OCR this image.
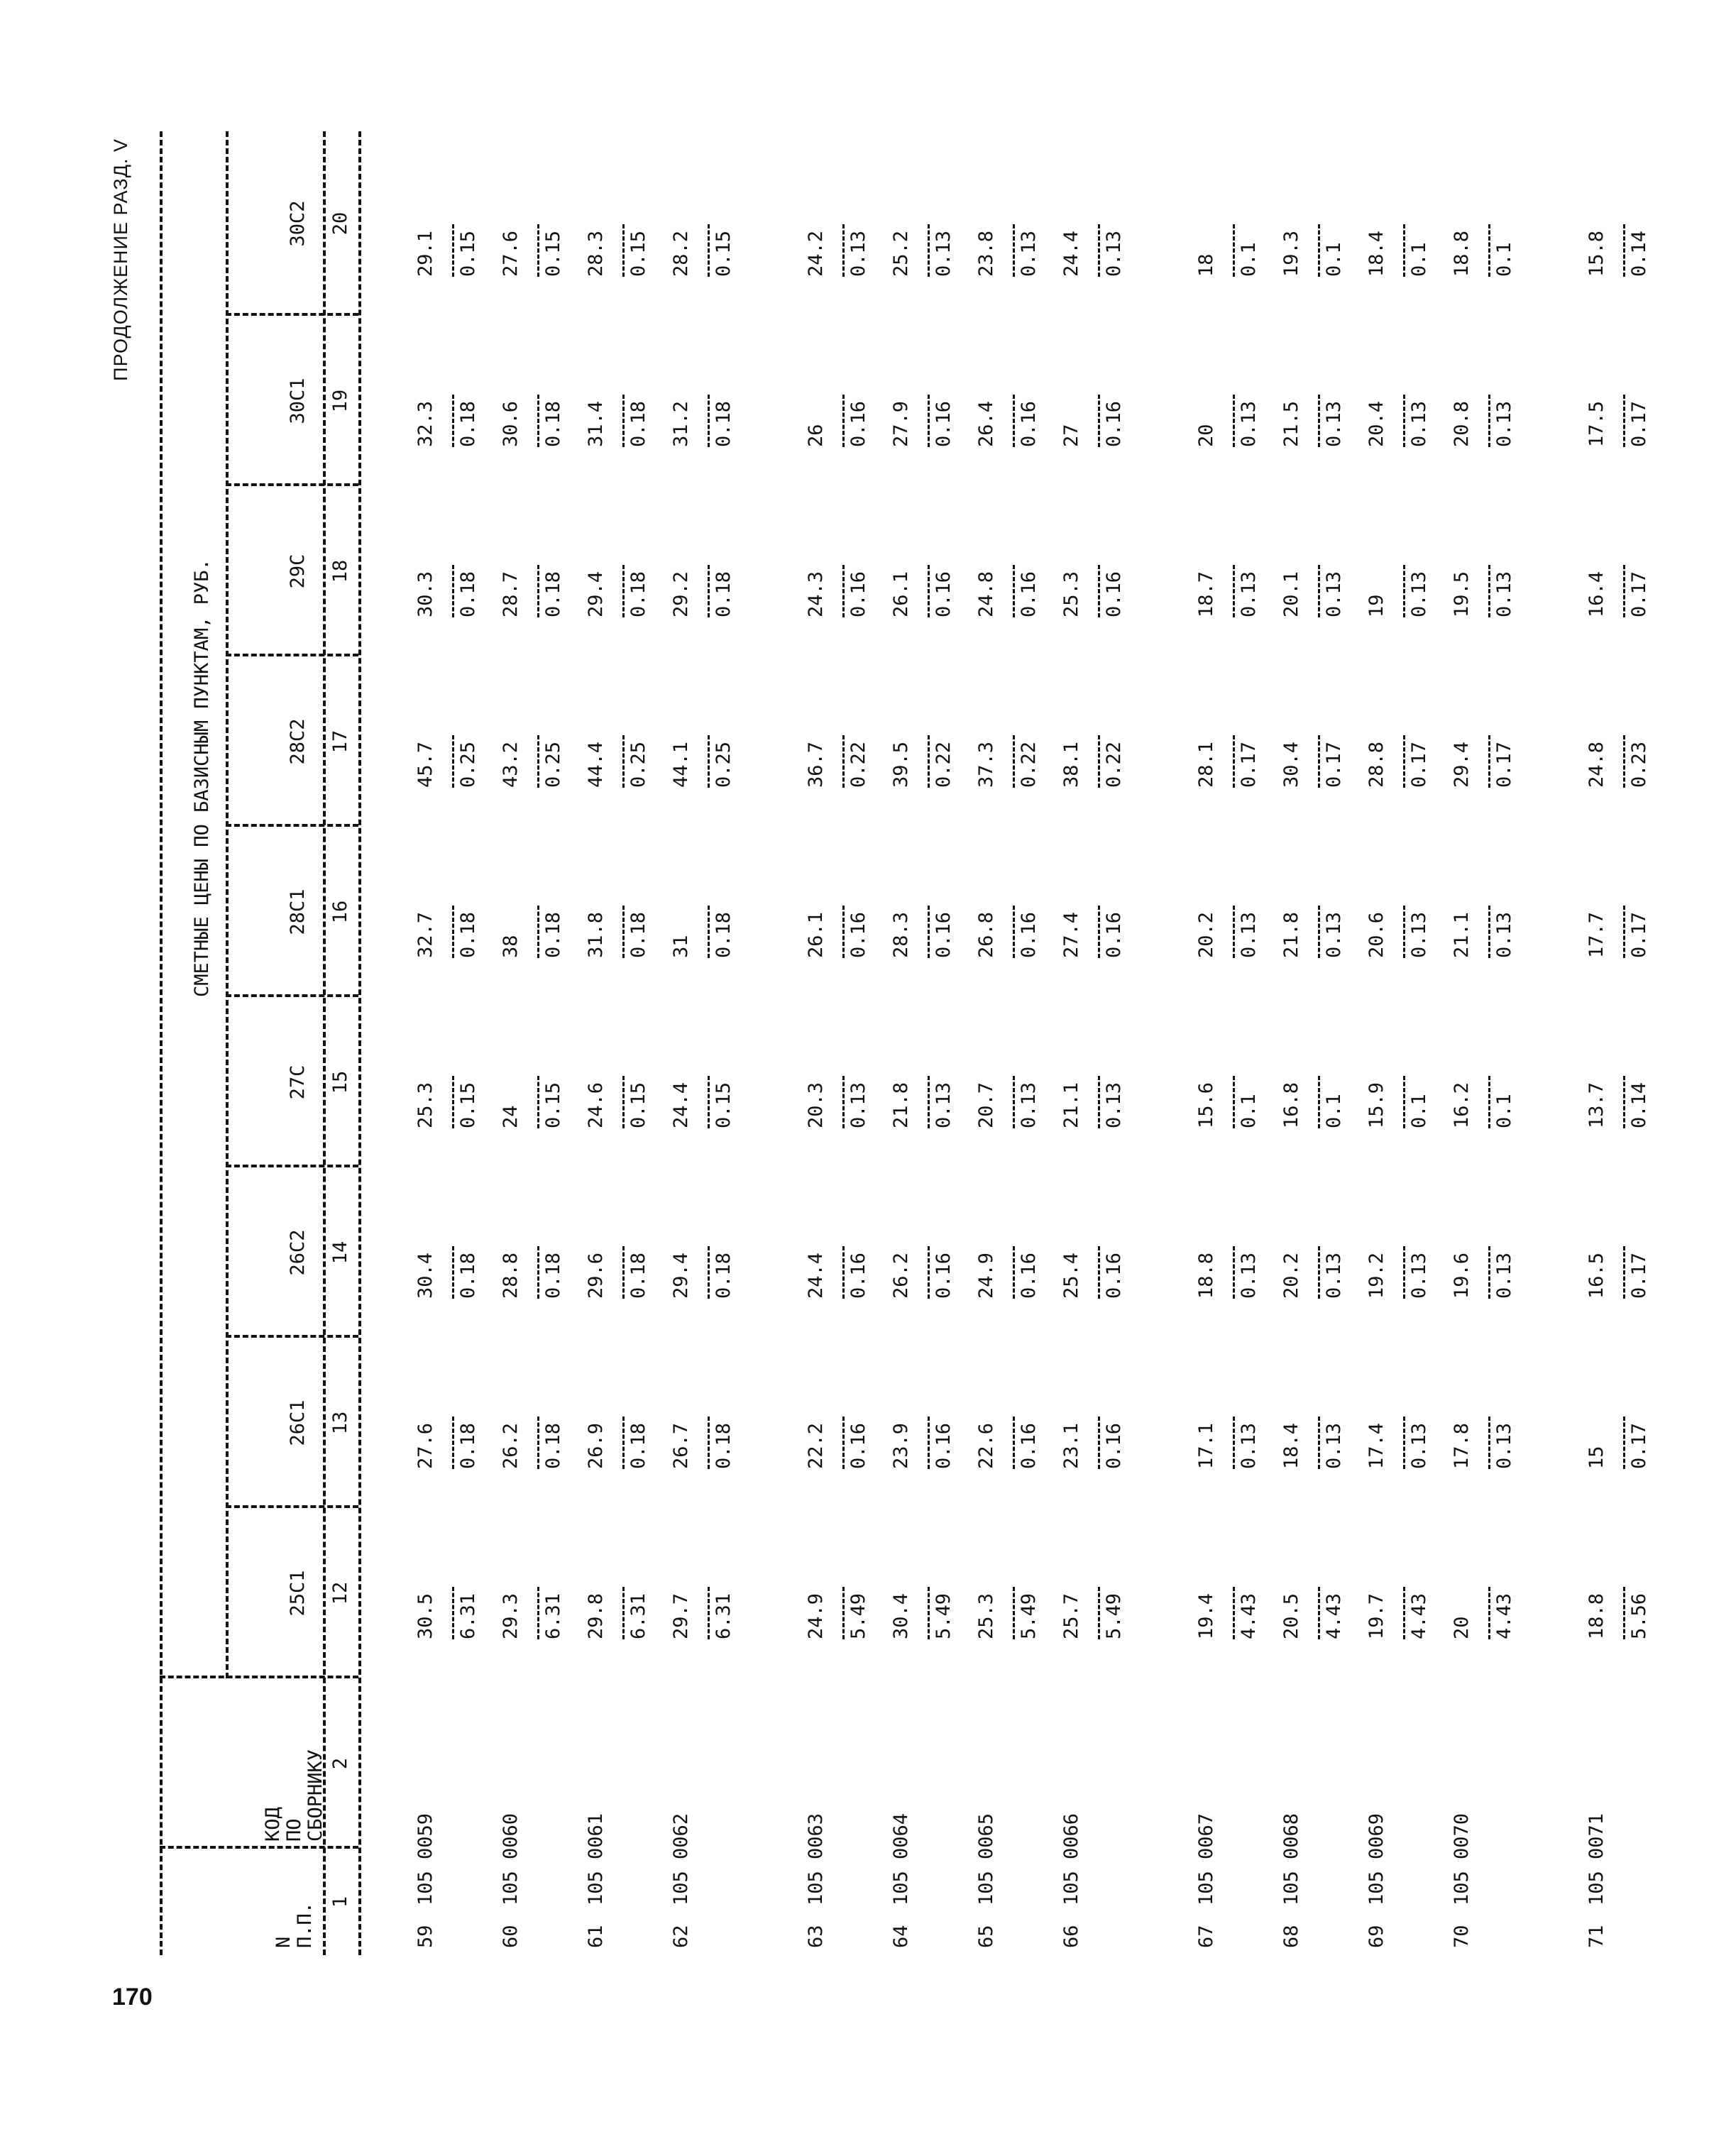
170
ПРОДОЛЖЕНИЕ РАЗД. V
N
П.П.
КОД
ПО
СБОРНИКУ
СМЕТНЫЕ ЦЕНЫ ПО БАЗИСНЫМ ПУНКТАМ, РУБ.
25С1
26С1
26С2
27С
28С1
28С2
29С
30С1
30С2
1
2
12
13
14
15
16
17
18
19
20
59
105 0059
30.5
27.6
30.4
25.3
32.7
45.7
30.3
32.3
29.1
6.31
0.18
0.18
0.15
0.18
0.25
0.18
0.18
0.15
60
105 0060
29.3
26.2
28.8
24
38
43.2
28.7
30.6
27.6
6.31
0.18
0.18
0.15
0.18
0.25
0.18
0.18
0.15
61
105 0061
29.8
26.9
29.6
24.6
31.8
44.4
29.4
31.4
28.3
6.31
0.18
0.18
0.15
0.18
0.25
0.18
0.18
0.15
62
105 0062
29.7
26.7
29.4
24.4
31
44.1
29.2
31.2
28.2
6.31
0.18
0.18
0.15
0.18
0.25
0.18
0.18
0.15
63
105 0063
24.9
22.2
24.4
20.3
26.1
36.7
24.3
26
24.2
5.49
0.16
0.16
0.13
0.16
0.22
0.16
0.16
0.13
64
105 0064
30.4
23.9
26.2
21.8
28.3
39.5
26.1
27.9
25.2
5.49
0.16
0.16
0.13
0.16
0.22
0.16
0.16
0.13
65
105 0065
25.3
22.6
24.9
20.7
26.8
37.3
24.8
26.4
23.8
5.49
0.16
0.16
0.13
0.16
0.22
0.16
0.16
0.13
66
105 0066
25.7
23.1
25.4
21.1
27.4
38.1
25.3
27
24.4
5.49
0.16
0.16
0.13
0.16
0.22
0.16
0.16
0.13
67
105 0067
19.4
17.1
18.8
15.6
20.2
28.1
18.7
20
18
4.43
0.13
0.13
0.1
0.13
0.17
0.13
0.13
0.1
68
105 0068
20.5
18.4
20.2
16.8
21.8
30.4
20.1
21.5
19.3
4.43
0.13
0.13
0.1
0.13
0.17
0.13
0.13
0.1
69
105 0069
19.7
17.4
19.2
15.9
20.6
28.8
19
20.4
18.4
4.43
0.13
0.13
0.1
0.13
0.17
0.13
0.13
0.1
70
105 0070
20
17.8
19.6
16.2
21.1
29.4
19.5
20.8
18.8
4.43
0.13
0.13
0.1
0.13
0.17
0.13
0.13
0.1
71
105 0071
18.8
15
16.5
13.7
17.7
24.8
16.4
17.5
15.8
5.56
0.17
0.17
0.14
0.17
0.23
0.17
0.17
0.14
